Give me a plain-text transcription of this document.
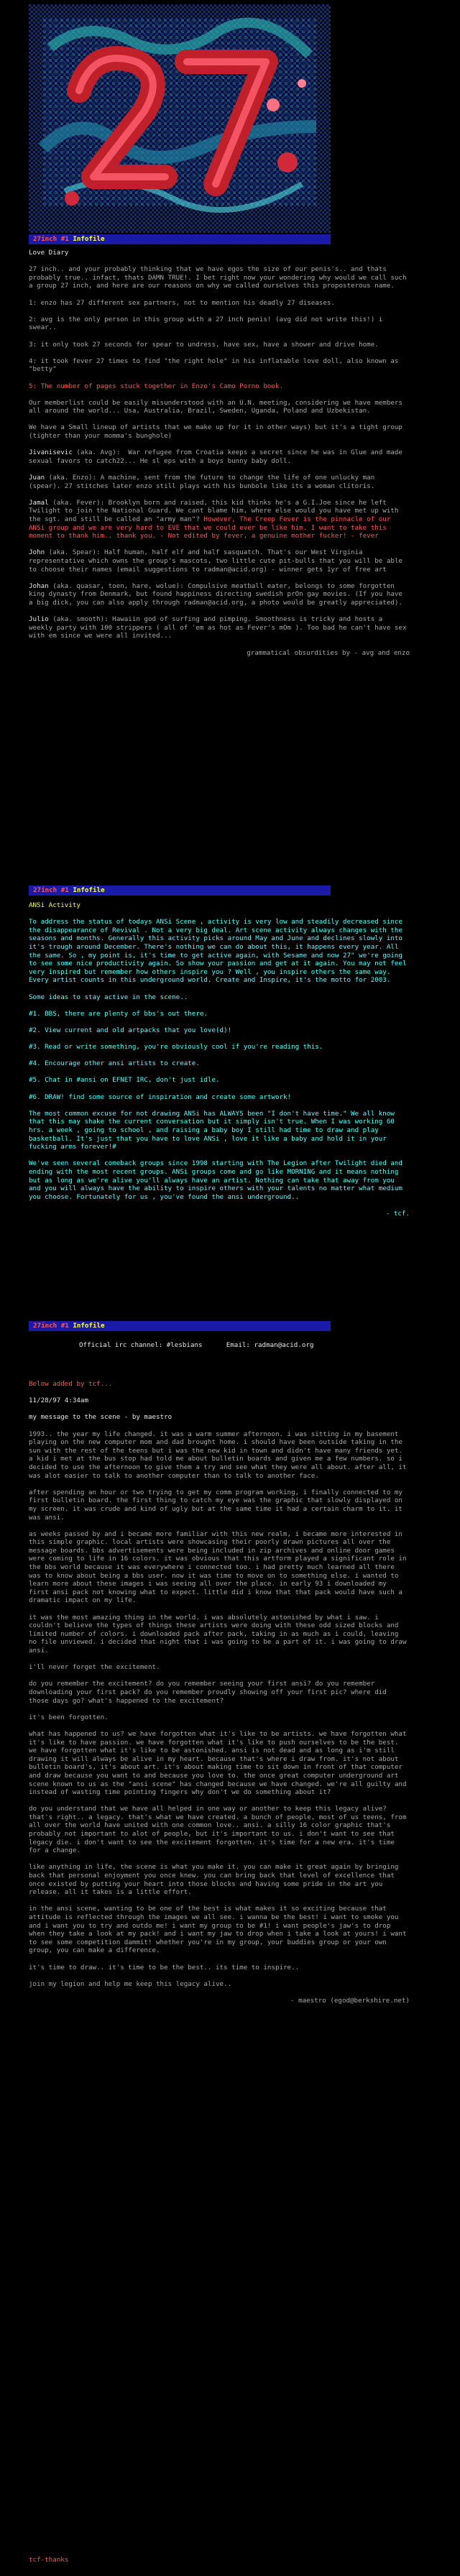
27inch #1 Infofile

Love Diary

27 inch.. and your probably thinking that we have egos the size of our penis's.. and thats probably true.. infact, thats DAMN TRUE!. I bet right now your wondering why would we call such a group 27 inch, and here are our reasons on why we called ourselves this proposterous name.

1: enzo has 27 different sex partners, not to mention his deadly 27 diseases.

2: avg is the only person in this group with a 27 inch penis! (avg did not write this!) i swear..

3: it only took 27 seconds for spear to undress, have sex, have a shower and drive home.

4: it took fever 27 times to find "the right hole" in his inflatable love doll, also known as "betty"

5: The number of pages stuck together in Enzo's Camo Porno book.

Our memberlist could be easily misunderstood with an U.N. meeting, considering we have members all around the world... Usa, Australia, Brazil, Sweden, Uganda, Poland and Uzbekistan.

We have a Small lineup of artists that we make up for it in other ways) but it's a tight group (tighter than your momma's bunghole)

Jivanisevic (aka. Avg):  War refugee from Croatia keeps a secret since he was in Glue and made sexual favors to catch22... He sl eps with a boys bunny baby doll.

Juan (aka. Enzo): A machine, sent from the future to change the life of one unlucky man (spear). 27 stitches later enzo still plays with his bunbole like its a woman clitoris.

Jamal (aka. Fever): Brooklyn born and raised, this kid thinks he's a G.I.Joe since he left Twilight to join the National Guard. We cant blame him, where else would you have met up with the sgt. and still be called an "army man"? However, The Creep Fever is the pinnacle of our ANSi group and we are very hard to EVE that we could ever be like him. I want to take this moment to thank him.. thank you. - Not edited by fever, a genuine mother fucker! - fever

John (aka. Spear): Half human, half elf and half sasquatch. That's our West Virginia representative which owns the group's mascots, two little cute pit-bulls that you will be able to choose their names (email suggestions to radman@acid.org) - winner gets 1yr of free art

Johan (aka. quasar, toen, hare, wolue): Compulsive meatball eater, belongs to some forgotten king dynasty from Denmark, but found happiness directing swedish prOn gay movies. (If you have a big dick, you can also apply through radman@acid.org, a photo would be greatly appreciated).

Julio (aka. smooth): Hawaiin god of surfing and pimping. Smoothness is tricky and hosts a weekly party with 100 strippers ( all of 'em as hot as Fever's mOm ). Too bad he can't have sex with em since we were all invited...

grammatical obsurdities by - avg and enzo

27inch #1 Infofile

ANSi Activity

To address the status of todays ANSi Scene , activity is very low and steadily decreased since the disappearance of Revival . Not a very big deal. Art scene activity always changes with the seasons and months. Generally this activity picks around May and June and declines slowly into it's trough around December. There's nothing we can do about this, it happens every year. All the same. So , my point is, it's time to get active again, with Sesame and now 27" we're going to see some nice productivity again. So show your passion and get at it again. You may not feel very inspired but remember how others inspire you ? Well , you inspire others the same way. Every artist counts in this underground world. Create and Inspire, it's the motto for 2003.

Some ideas to stay active in the scene..

#1. BBS, there are plenty of bbs's out there.
#2. View current and old artpacks that you love(d)!
#3. Read or write something, you're obviously cool if you're reading this.
#4. Encourage other ansi artists to create.
#5. Chat in #ansi on EFNET IRC, don't just idle.
#6. DRAW! find some source of inspiration and create some artwork!

The most common excuse for not drawing ANSi has ALWAYS been "I don't have time." We all know that this may shake the current conversation but it simply isn't true. When I was working 60 hrs. a week , going to school , and raising a baby boy I still had time to draw and play basketball. It's just that you have to love ANSi , love it like a baby and hold it in your fucking arms forever!#

We've seen several comeback groups since 1998 starting with The Legion after Twilight died and ending with the most recent groups. ANSi groups come and go like MORNING and it means nothing but as long as we're alive you'll always have an artist. Nothing can take that away from you and you will always have the ability to inspire others with your talents no matter what medium you choose. Fortunately for us , you've found the ansi underground..

- tcf.

27inch #1 Infofile
Official irc channel: #lesbians	Email: radman@acid.org

Below added by tcf...

11/28/97 4:34am

my message to the scene - by maestro

1993.. the year my life changed. it was a warm summer afternoon. i was sitting in my basement playing on the new computer mom and dad brought home. i should have been outside taking in the sun with the rest of the teens but i was the new kid in town and didn't have many friends yet. a kid i met at the bus stop had told me about bulletin boards and given me a few numbers. so i decided to use the afternoon to give them a try and see what they were all about. after all, it was alot easier to talk to another computer than to talk to another face.

after spending an hour or two trying to get my comm program working, i finally connected to my first bulletin board. the first thing to catch my eye was the graphic that slowly displayed on my screen. it was crude and kind of ugly but at the same time it had a certain charm to it. it was ansi.

as weeks passed by and i became more familiar with this new realm, i became more interested in this simple graphic. local artists were showcasing their poorly drawn pictures all over the message boards. bbs advertisements were being included in zip archives and online door games were coming to life in 16 colors. it was obvious that this artform played a significant role in the bbs world because it was everywhere i connected too. i had pretty much learned all there was to know about being a bbs user. now it was time to move on to something else. i wanted to learn more about these images i was seeing all over the place. in early 93 i downloaded my first ansi pack not knowing what to expect. little did i know that that pack would have such a dramatic impact on my life.

it was the most amazing thing in the world. i was absolutely astonished by what i saw. i couldn't believe the types of things these artists were doing with these odd sized blocks and limited number of colors. i downloaded pack after pack, taking in as much as i could, leaving no file unviewed. i decided that night that i was going to be a part of it. i was going to draw ansi.

i'll never forget the excitement.

do you remember the excitement? do you remember seeing your first ansi? do you remember downloading your first pack? do you remember proudly showing off your first pic? where did those days go? what's happened to the excitement?

it's been forgotten.

what has happened to us? we have forgotten what it's like to be artists. we have forgotten what it's like to have passion. we have forgotten what it's like to push ourselves to be the best. we have forgotten what it's like to be astonished. ansi is not dead and as long as i'm still drawing it will always be alive in my heart. because that's where i draw from. it's not about bulletin board's, it's about art. it's about making time to sit down in front of that computer and draw because you want to and because you love to. the once great computer underground art scene known to us as the "ansi scene" has changed because we have changed. we're all guilty and instead of wasting time pointing fingers why don't we do something about it?

do you understand that we have all helped in one way or another to keep this legacy alive? that's right.. a legacy. that's what we have created. a bunch of people, most of us teens, from all over the world have united with one common love.. ansi. a silly 16 color graphic that's probably not important to alot of people, but it's important to us. i don't want to see that legacy die. i don't want to see the excitement forgotten. it's time for a new era. it's time for a change.

like anything in life, the scene is what you make it. you can make it great again by bringing back that personal enjoyment you once knew. you can bring back that level of excellence that once existed by putting your heart into those blocks and having some pride in the art you release. all it takes is a little effort.

in the ansi scene, wanting to be one of the best is what makes it so exciting because that attitude is reflected through the images we all see. i wanna be the best! i want to smoke you and i want you to try and outdo me! i want my group to be #1! i want people's jaw's to drop when they take a look at my pack! and i want my jaw to drop when i take a look at yours! i want to see some competition dammit! whether you're in my group, your buddies group or your own group, you can make a difference.

it's time to draw.. it's time to be the best.. its time to inspire..

join my legion and help me keep this legacy alive..

- maestro (egod@berkshire.net)

tcf-thanks
